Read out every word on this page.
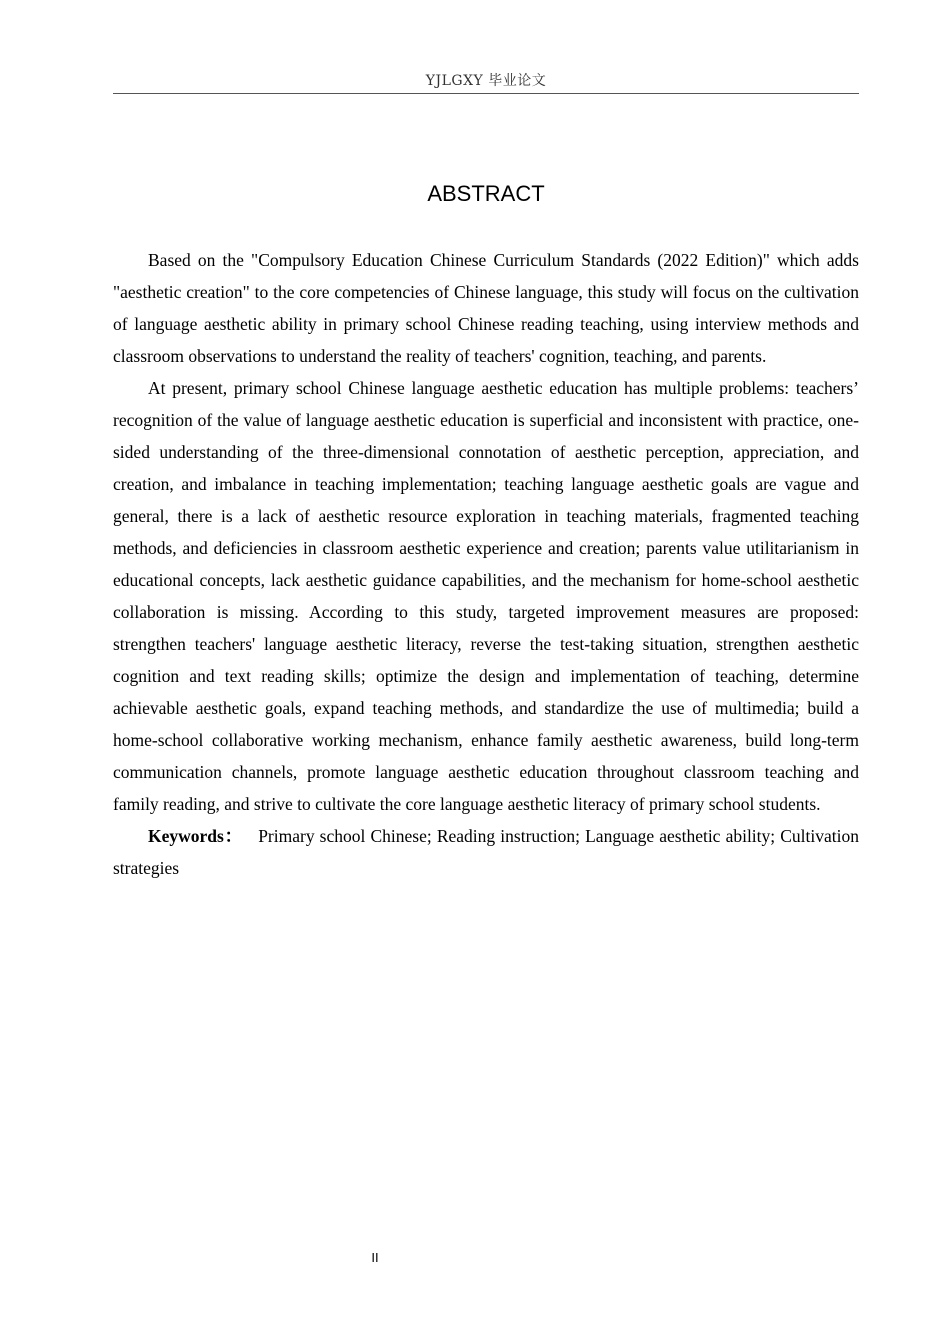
YJLGXY 毕业论文
ABSTRACT

Based on the "Compulsory Education Chinese Curriculum Standards (2022 Edition)" which adds "aesthetic creation" to the core competencies of Chinese language, this study will focus on the cultivation of language aesthetic ability in primary school Chinese reading teaching, using interview methods and classroom observations to understand the reality of teachers' cognition, teaching, and parents.

At present, primary school Chinese language aesthetic education has multiple problems: teachers’ recognition of the value of language aesthetic education is superficial and inconsistent with practice, one-sided understanding of the three-dimensional connotation of aesthetic perception, appreciation, and creation, and imbalance in teaching implementation; teaching language aesthetic goals are vague and general, there is a lack of aesthetic resource exploration in teaching materials, fragmented teaching methods, and deficiencies in classroom aesthetic experience and creation; parents value utilitarianism in educational concepts, lack aesthetic guidance capabilities, and the mechanism for home-school aesthetic collaboration is missing. According to this study, targeted improvement measures are proposed: strengthen teachers' language aesthetic literacy, reverse the test-taking situation, strengthen aesthetic cognition and text reading skills; optimize the design and implementation of teaching, determine achievable aesthetic goals, expand teaching methods, and standardize the use of multimedia; build a home-school collaborative working mechanism, enhance family aesthetic awareness, build long-term communication channels, promote language aesthetic education throughout classroom teaching and family reading, and strive to cultivate the core language aesthetic literacy of primary school students.

Keywords： Primary school Chinese; Reading instruction; Language aesthetic ability; Cultivation strategies

II
